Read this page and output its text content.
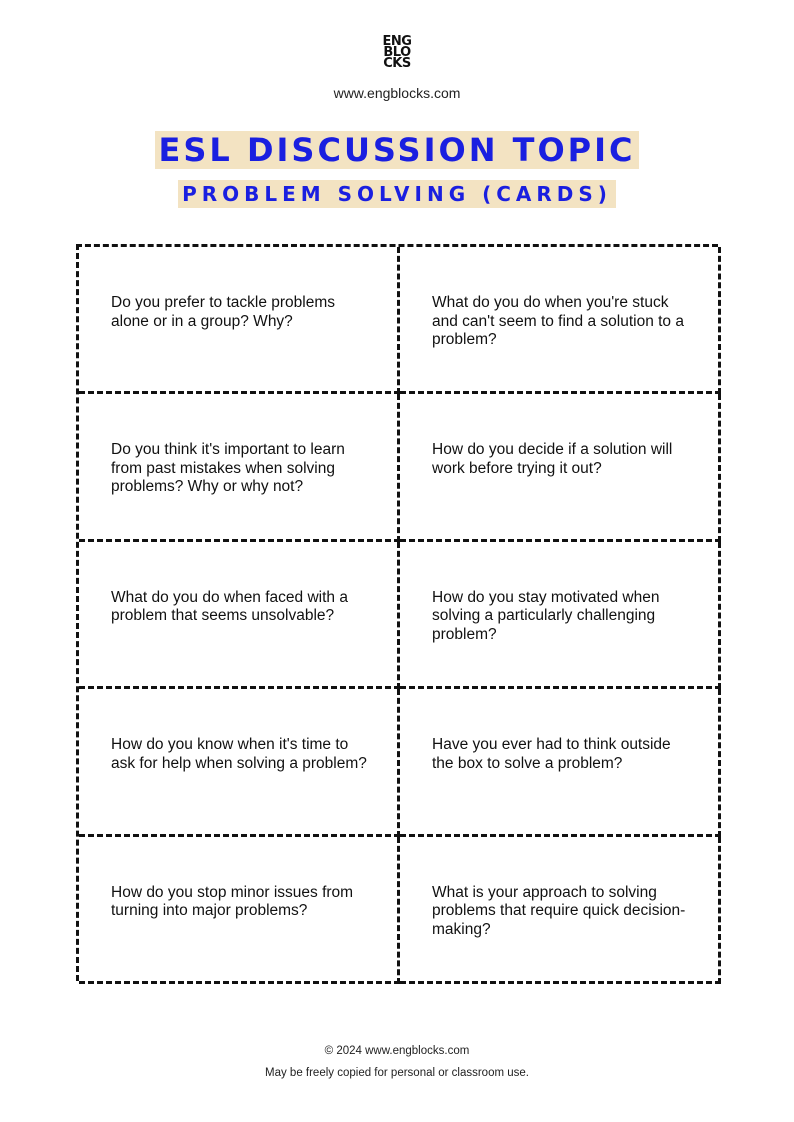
ENG
BLO
CKS
www.engblocks.com
ESL DISCUSSION TOPIC
PROBLEM SOLVING (CARDS)
Do you prefer to tackle problems alone or in a group? Why?
What do you do when you're stuck and can't seem to find a solution to a problem?
Do you think it's important to learn from past mistakes when solving problems? Why or why not?
How do you decide if a solution will work before trying it out?
What do you do when faced with a problem that seems unsolvable?
How do you stay motivated when solving a particularly challenging problem?
How do you know when it's time to ask for help when solving a problem?
Have you ever had to think outside the box to solve a problem?
How do you stop minor issues from turning into major problems?
What is your approach to solving problems that require quick decision-making?
© 2024 www.engblocks.com
May be freely copied for personal or classroom use.
